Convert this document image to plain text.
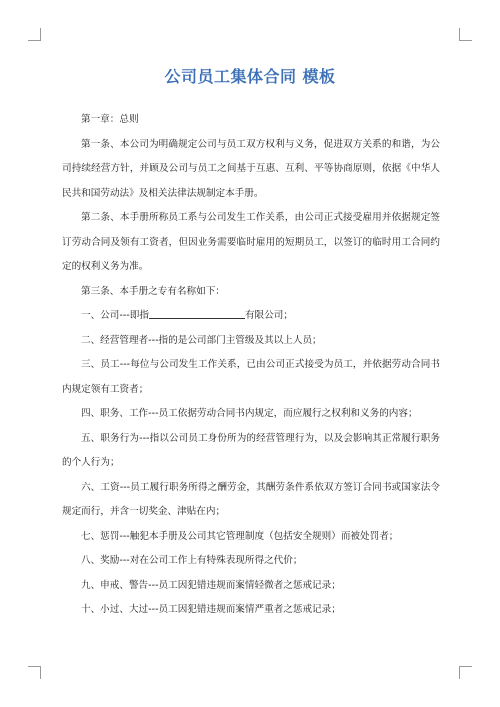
公司员工集体合同 模板

第一章：总则

第一条、本公司为明确规定公司与员工双方权利与义务，促进双方关系的和谐，为公司持续经营方针，并顾及公司与员工之间基于互惠、互利、平等协商原则，依据《中华人民共和国劳动法》及相关法律法规制定本手册。

第二条、本手册所称员工系与公司发生工作关系，由公司正式接受雇用并依据规定签订劳动合同及领有工资者，但因业务需要临时雇用的短期员工，以签订的临时用工合同约定的权利义务为准。

第三条、本手册之专有名称如下：

一、公司---即指	有限公司；

二、经营管理者---指的是公司部门主管级及其以上人员；

三、员工---每位与公司发生工作关系，已由公司正式接受为员工，并依据劳动合同书内规定领有工资者；

四、职务、工作---员工依据劳动合同书内规定，而应履行之权利和义务的内容；

五、职务行为---指以公司员工身份所为的经营管理行为，以及会影响其正常履行职务的个人行为；

六、工资---员工履行职务所得之酬劳金，其酬劳条件系依双方签订合同书或国家法令规定而行，并含一切奖金、津贴在内；

七、惩罚---触犯本手册及公司其它管理制度（包括安全规则）而被处罚者；

八、奖励---对在公司工作上有特殊表现所得之代价；

九、申戒、警告---员工因犯错违规而案情轻微者之惩戒记录；

十、小过、大过---员工因犯错违规而案情严重者之惩戒记录；
